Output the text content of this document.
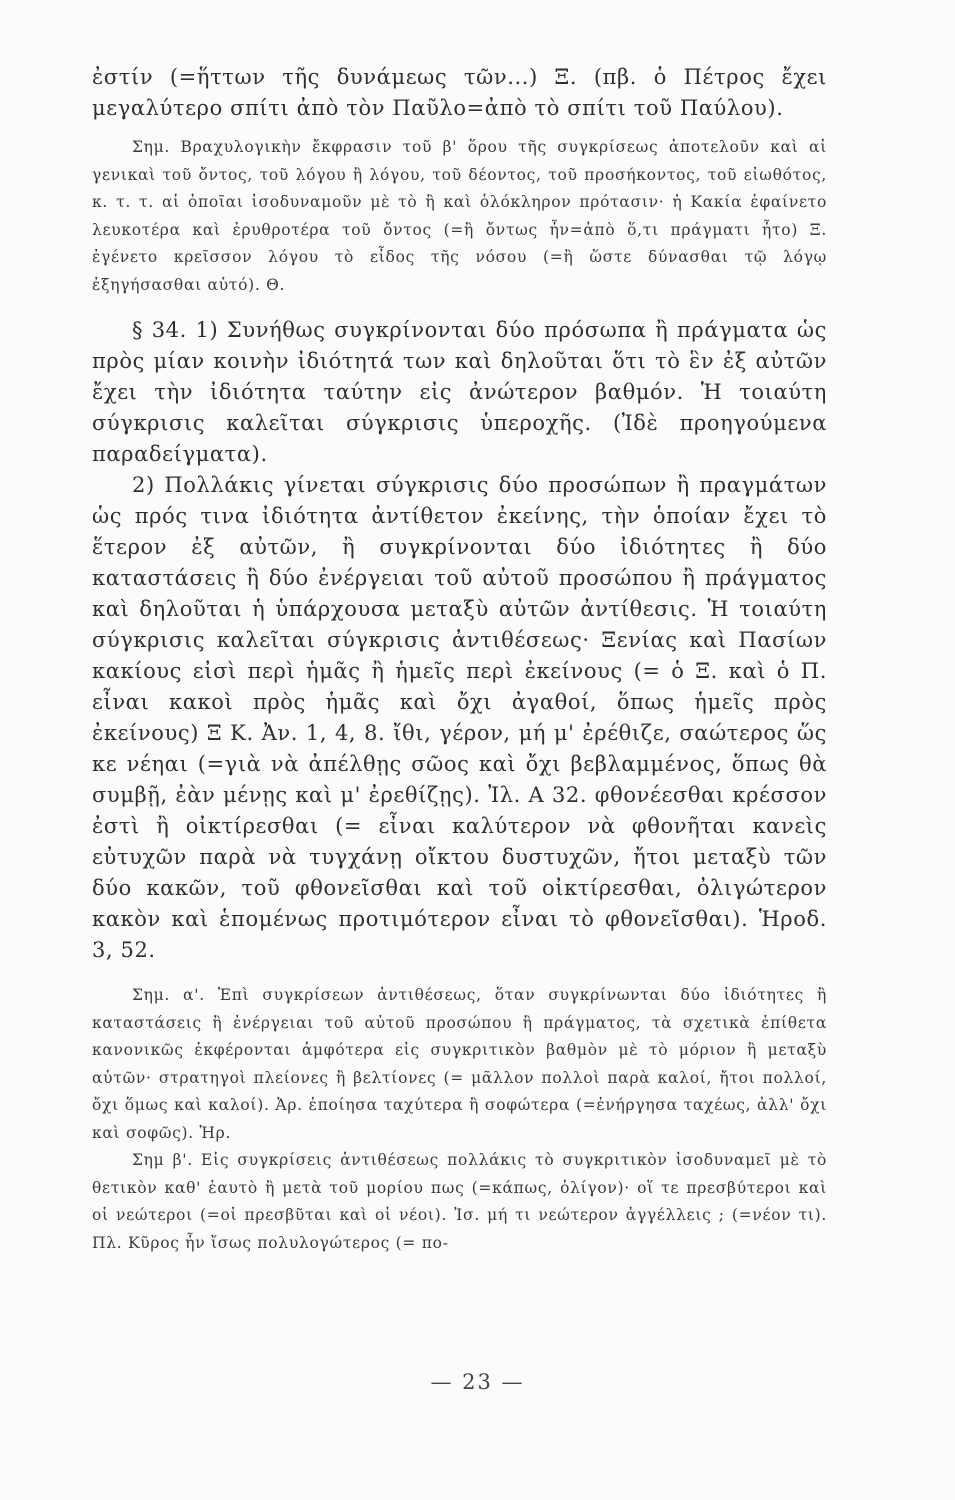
ἐστίν (=ἥττων τῆς δυνάμεως τῶν...) Ξ. (πβ. ὁ Πέτρος ἔχει μεγαλύτερο σπίτι ἀπὸ τὸν Παῦλο=ἀπὸ τὸ σπίτι τοῦ Παύλου).

Σημ. Βραχυλογικὴν ἔκφρασιν τοῦ β' ὅρου τῆς συγκρίσεως ἀποτελοῦν καὶ αἱ γενικαὶ τοῦ ὄντος, τοῦ λόγου ἢ λόγου, τοῦ δέοντος, τοῦ προσήκοντος, τοῦ εἰωθότος, κ. τ. τ. αἱ ὁποῖαι ἰσοδυναμοῦν μὲ τὸ ἢ καὶ ὁλόκληρον πρότασιν· ἡ Κακία ἐφαίνετο λευκοτέρα καὶ ἐρυθροτέρα τοῦ ὄντος (=ἢ ὄντως ἦν=ἀπὸ ὅ,τι πράγματι ἦτο) Ξ. ἐγένετο κρεῖσσον λόγου τὸ εἶδος τῆς νόσου (=ἢ ὥστε δύνασθαι τῷ λόγῳ ἐξηγήσασθαι αὐτό). Θ.

§ 34. 1) Συνήθως συγκρίνονται δύο πρόσωπα ἢ πράγματα ὡς πρὸς μίαν κοινὴν ἰδιότητά των καὶ δηλοῦται ὅτι τὸ ἓν ἐξ αὐτῶν ἔχει τὴν ἰδιότητα ταύτην εἰς ἀνώτερον βαθμόν. Ἡ τοιαύτη σύγκρισις καλεῖται σύγκρισις ὑπεροχῆς. (Ἰδὲ προηγούμενα παραδείγματα).

2) Πολλάκις γίνεται σύγκρισις δύο προσώπων ἢ πραγμάτων ὡς πρός τινα ἰδιότητα ἀντίθετον ἐκείνης, τὴν ὁποίαν ἔχει τὸ ἕτερον ἐξ αὐτῶν, ἢ συγκρίνονται δύο ἰδιότητες ἢ δύο καταστάσεις ἢ δύο ἐνέργειαι τοῦ αὐτοῦ προσώπου ἢ πράγματος καὶ δηλοῦται ἡ ὑπάρχουσα μεταξὺ αὐτῶν ἀντίθεσις. Ἡ τοιαύτη σύγκρισις καλεῖται σύγκρισις ἀντιθέσεως· Ξενίας καὶ Πασίων κακίους εἰσὶ περὶ ἡμᾶς ἢ ἡμεῖς περὶ ἐκείνους (= ὁ Ξ. καὶ ὁ Π. εἶναι κακοὶ πρὸς ἡμᾶς καὶ ὄχι ἀγαθοί, ὅπως ἡμεῖς πρὸς ἐκείνους) Ξ Κ. Ἀν. 1, 4, 8. ἴθι, γέρον, μή μ' ἐρέθιζε, σαώτερος ὥς κε νέηαι (=γιὰ νὰ ἀπέλθῃς σῶος καὶ ὄχι βεβλαμμένος, ὅπως θὰ συμβῇ, ἐὰν μένῃς καὶ μ' ἐρεθίζῃς). Ἰλ. Α 32. φθονέεσθαι κρέσσον ἐστὶ ἢ οἰκτίρεσθαι (= εἶναι καλύτερον νὰ φθονῆται κανεὶς εὐτυχῶν παρὰ νὰ τυγχάνῃ οἴκτου δυστυχῶν, ἤτοι μεταξὺ τῶν δύο κακῶν, τοῦ φθονεῖσθαι καὶ τοῦ οἰκτίρεσθαι, ὀλιγώτερον κακὸν καὶ ἑπομένως προτιμότερον εἶναι τὸ φθονεῖσθαι). Ἡροδ. 3, 52.

Σημ. α'. Ἐπὶ συγκρίσεων ἀντιθέσεως, ὅταν συγκρίνωνται δύο ἰδιότητες ἢ καταστάσεις ἢ ἐνέργειαι τοῦ αὐτοῦ προσώπου ἢ πράγματος, τὰ σχετικὰ ἐπίθετα κανονικῶς ἐκφέρονται ἀμφότερα εἰς συγκριτικὸν βαθμὸν μὲ τὸ μόριον ἢ μεταξὺ αὐτῶν· στρατηγοὶ πλείονες ἢ βελτίονες (= μᾶλλον πολλοὶ παρὰ καλοί, ἤτοι πολλοί, ὄχι ὅμως καὶ καλοί). Ἀρ. ἐποίησα ταχύτερα ἢ σοφώτερα (=ἐνήργησα ταχέως, ἀλλ' ὄχι καὶ σοφῶς). Ἡρ.

Σημ β'. Εἰς συγκρίσεις ἀντιθέσεως πολλάκις τὸ συγκριτικὸν ἰσοδυναμεῖ μὲ τὸ θετικὸν καθ' ἑαυτὸ ἢ μετὰ τοῦ μορίου πως (=κάπως, ὀλίγον)· οἵ τε πρεσβύτεροι καὶ οἱ νεώτεροι (=οἱ πρεσβῦται καὶ οἱ νέοι). Ἰσ. μή τι νεώτερον ἀγγέλλεις ; (=νέον τι). Πλ. Κῦρος ἦν ἴσως πολυλογώτερος (= πο-

— 23 —
